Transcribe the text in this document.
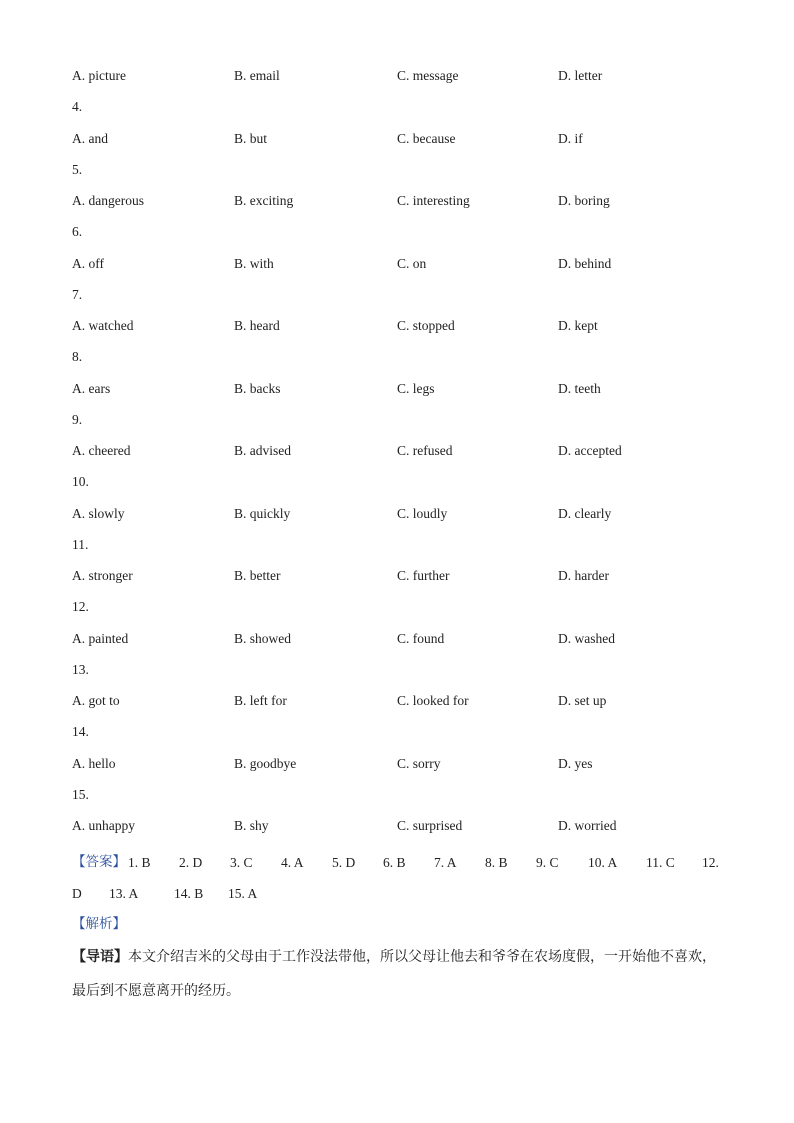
A. picture	B. email	C. message	D. letter
4.
A. and	B. but	C. because	D. if
5.
A. dangerous	B. exciting	C. interesting	D. boring
6.
A. off	B. with	C. on	D. behind
7.
A. watched	B. heard	C. stopped	D. kept
8.
A. ears	B. backs	C. legs	D. teeth
9.
A. cheered	B. advised	C. refused	D. accepted
10.
A. slowly	B. quickly	C. loudly	D. clearly
11.
A. stronger	B. better	C. further	D. harder
12.
A. painted	B. showed	C. found	D. washed
13.
A. got to	B. left for	C. looked for	D. set up
14.
A. hello	B. goodbye	C. sorry	D. yes
15.
A. unhappy	B. shy	C. surprised	D. worried
【答案】 1. B 2. D 3. C 4. A 5. D 6. B 7. A 8. B 9. C 10. A 11. C 12.
D 13. A	14. B 15. A
【解析】
【导语】本文介绍吉米的父母由于工作没法带他，所以父母让他去和爷爷在农场度假，一开始他不喜欢，最后到不愿意离开的经历。
